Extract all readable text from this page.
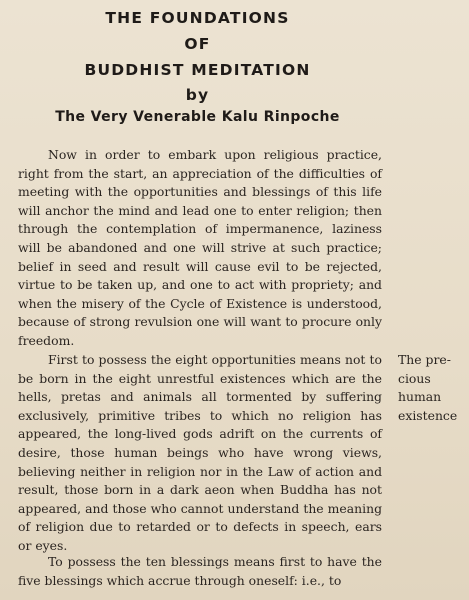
THE FOUNDATIONS
OF
BUDDHIST MEDITATION
by
The Very Venerable Kalu Rinpoche

Now in order to embark upon religious practice, right from the start, an appreciation of the difficulties of meeting with the opportunities and blessings of this life will anchor the mind and lead one to enter religion; then through the contemplation of impermanence, laziness will be abandoned and one will strive at such practice; belief in seed and result will cause evil to be rejected, virtue to be taken up, and one to act with propriety; and when the misery of the Cycle of Existence is understood, because of strong revulsion one will want to procure only freedom.

First to possess the eight opportunities means not to be born in the eight unrestful existences which are the hells, pretas and animals all tormented by suffering exclusively, primitive tribes to which no religion has appeared, the long-lived gods adrift on the currents of desire, those human beings who have wrong views, believing neither in religion nor in the Law of action and result, those born in a dark aeon when Buddha has not appeared, and those who cannot understand the meaning of religion due to retarded or to defects in speech, ears or eyes.

To possess the ten blessings means first to have the five blessings which accrue through oneself: i.e., to

The pre-
cious
human
existence
